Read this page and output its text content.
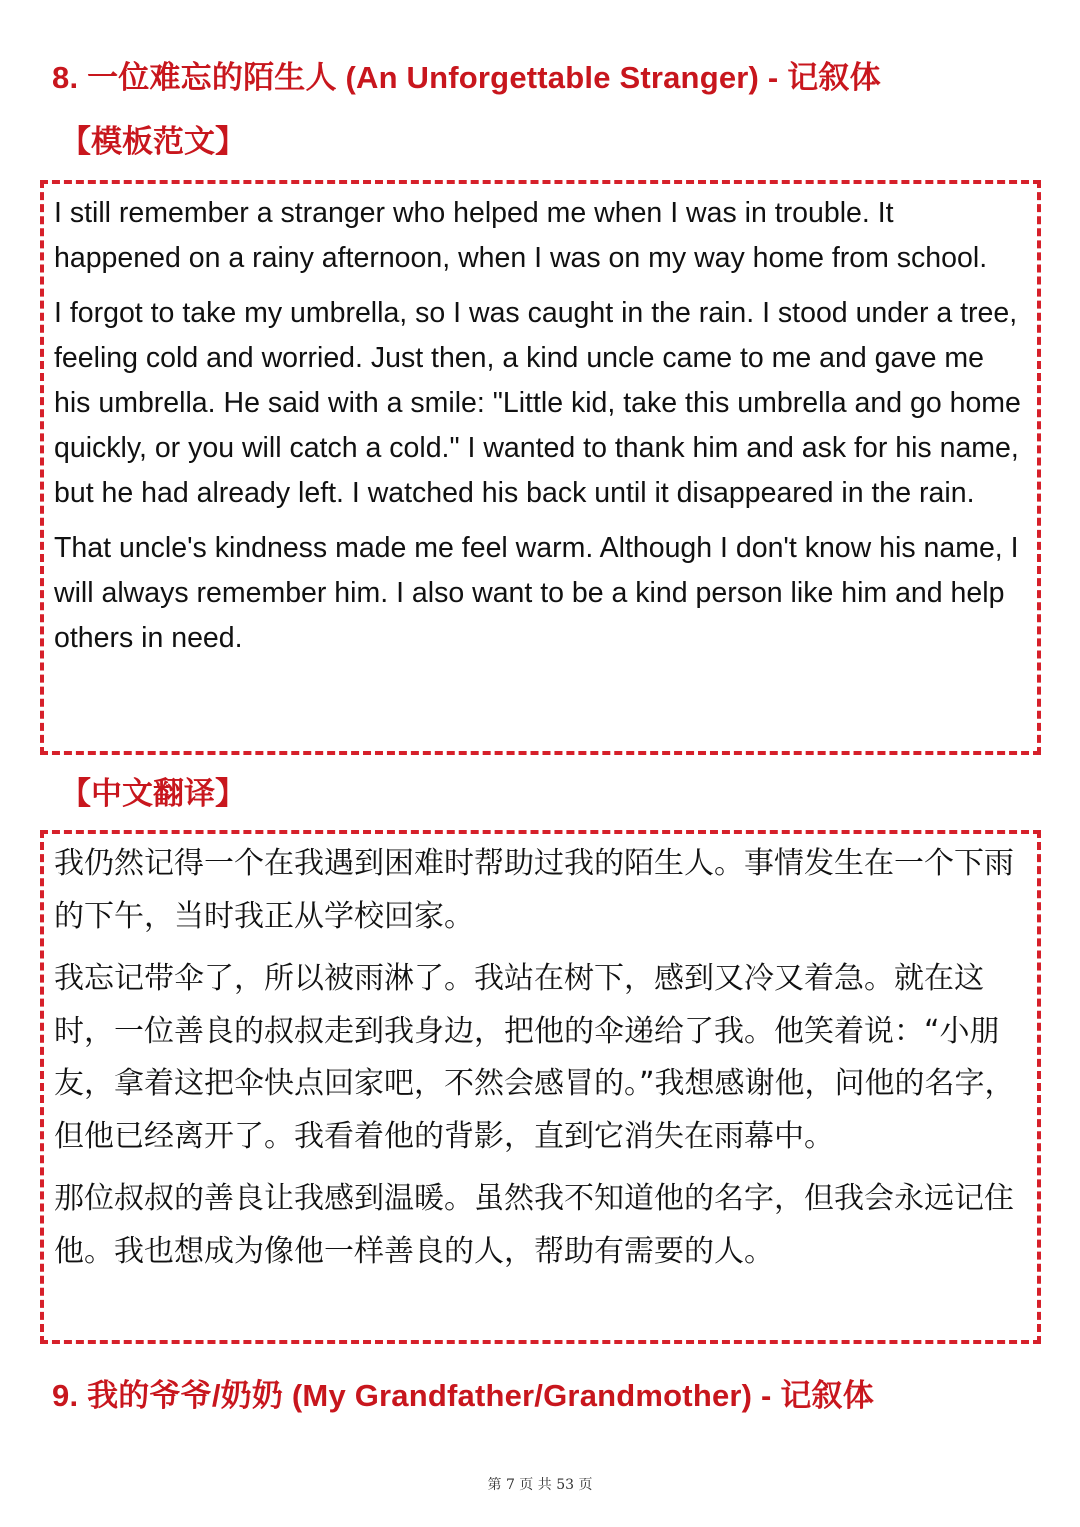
8. 一位难忘的陌生人 (An Unforgettable Stranger) - 记叙体
【模板范文】

I still remember a stranger who helped me when I was in trouble. It happened on a rainy afternoon, when I was on my way home from school.

I forgot to take my umbrella, so I was caught in the rain. I stood under a tree, feeling cold and worried. Just then, a kind uncle came to me and gave me his umbrella. He said with a smile: "Little kid, take this umbrella and go home quickly, or you will catch a cold." I wanted to thank him and ask for his name, but he had already left. I watched his back until it disappeared in the rain.

That uncle's kindness made me feel warm. Although I don't know his name, I will always remember him. I also want to be a kind person like him and help others in need.

【中文翻译】

我仍然记得一个在我遇到困难时帮助过我的陌生人。事情发生在一个下雨的下午，当时我正从学校回家。

我忘记带伞了，所以被雨淋了。我站在树下，感到又冷又着急。就在这时，一位善良的叔叔走到我身边，把他的伞递给了我。他笑着说：“小朋友，拿着这把伞快点回家吧，不然会感冒的。”我想感谢他，问他的名字，但他已经离开了。我看着他的背影，直到它消失在雨幕中。

那位叔叔的善良让我感到温暖。虽然我不知道他的名字，但我会永远记住他。我也想成为像他一样善良的人，帮助有需要的人。

9. 我的爷爷/奶奶 (My Grandfather/Grandmother) - 记叙体
第 7 页 共 53 页
